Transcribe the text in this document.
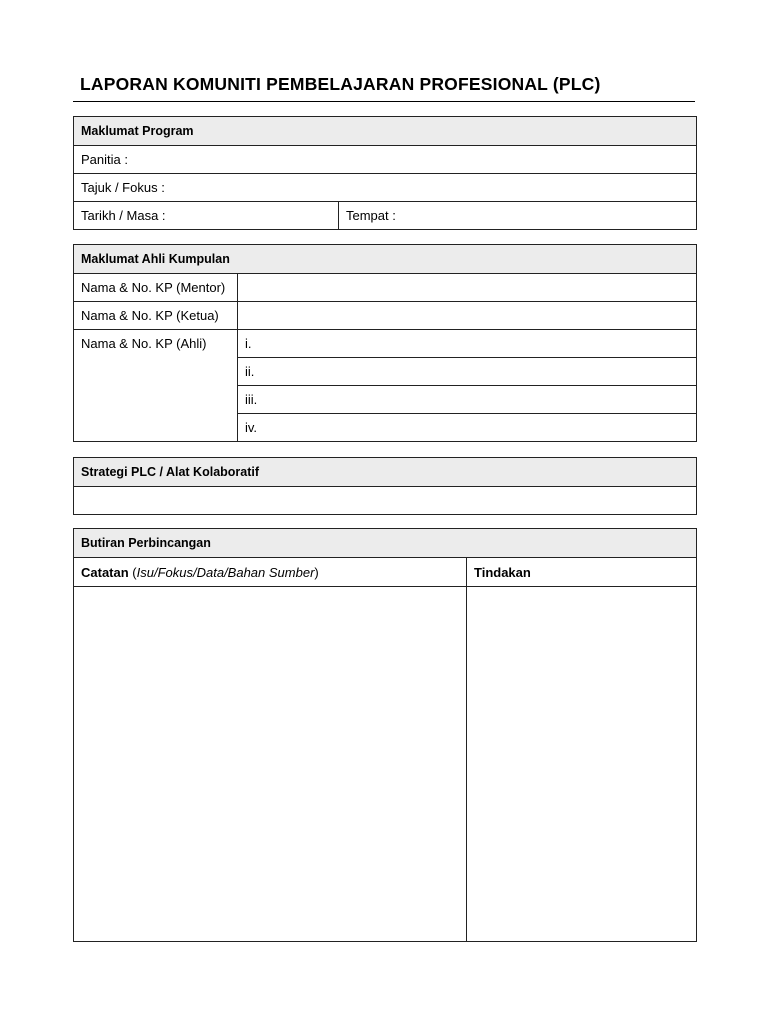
LAPORAN KOMUNITI PEMBELAJARAN PROFESIONAL (PLC)
Maklumat Program
Panitia :
Tajuk / Fokus :
Tarikh / Masa :	Tempat :
Maklumat Ahli Kumpulan	
Nama & No. KP (Mentor)	
Nama & No. KP (Ketua)	
Nama & No. KP (Ahli)	i.
	ii.
	iii.
	iv.
Strategi PLC / Alat Kolaboratif

Butiran Perbincangan	
Catatan (Isu/Fokus/Data/Bahan Sumber)	Tindakan
